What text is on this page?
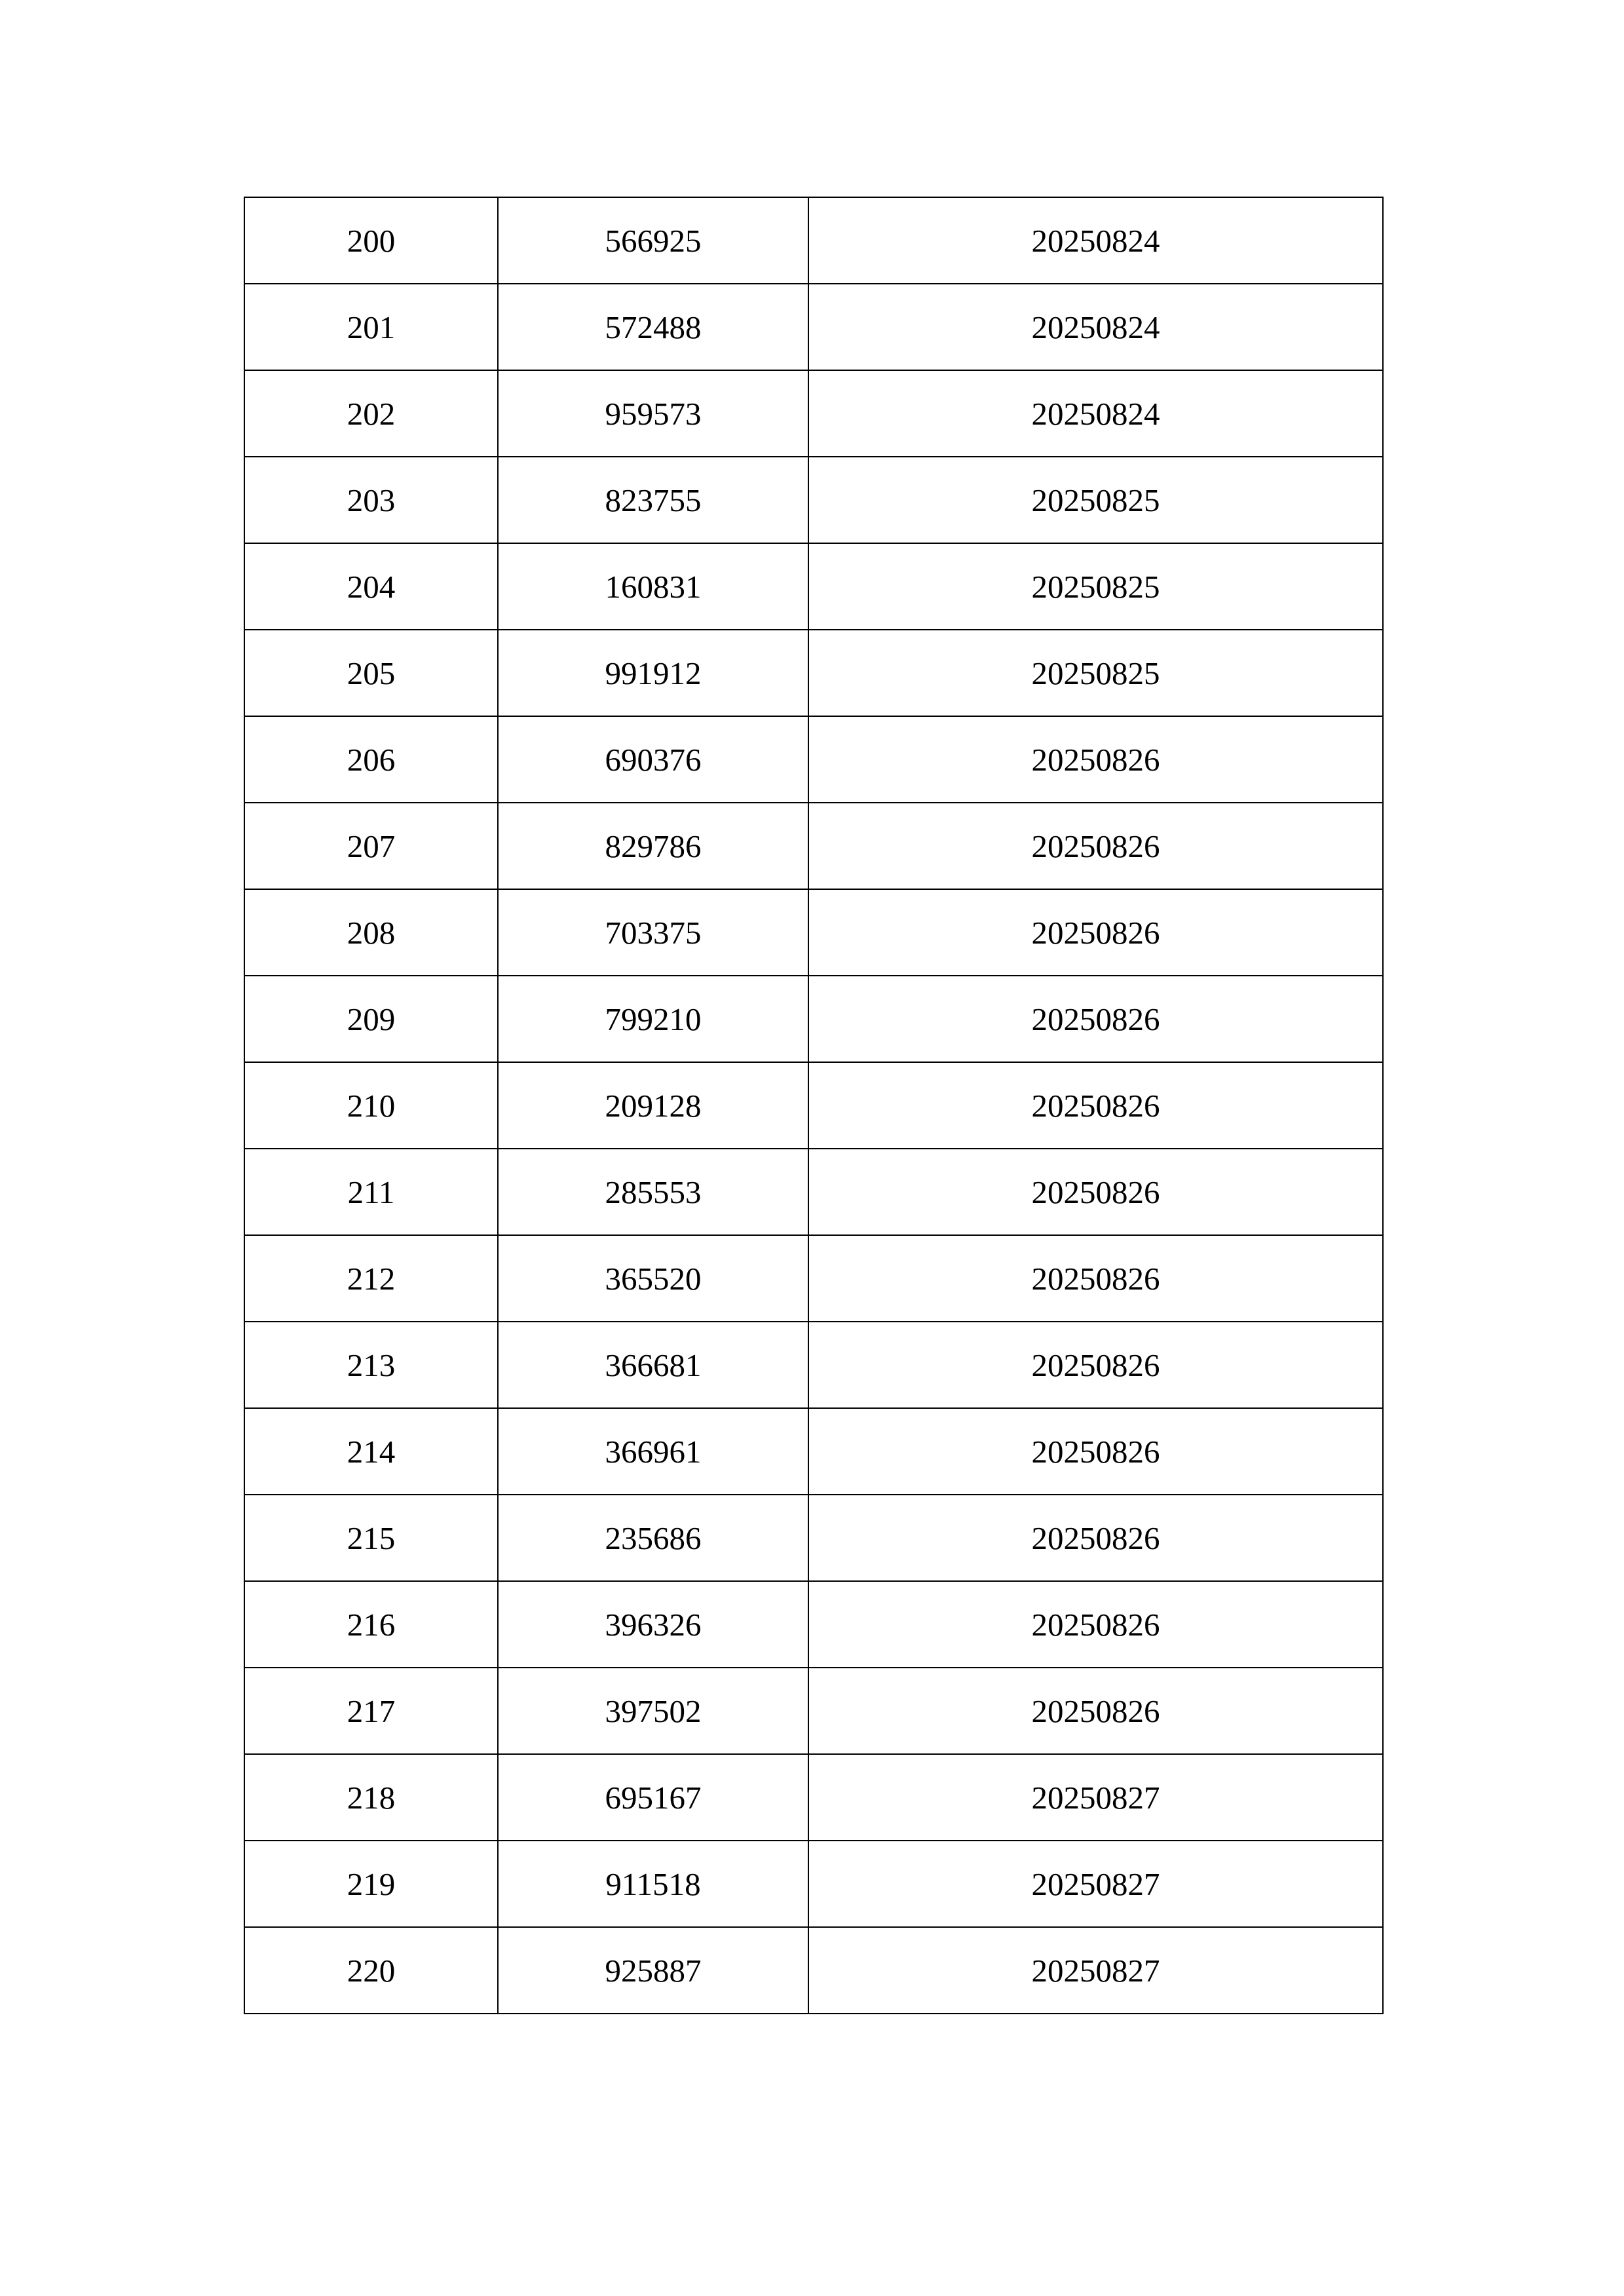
200	566925	20250824
201	572488	20250824
202	959573	20250824
203	823755	20250825
204	160831	20250825
205	991912	20250825
206	690376	20250826
207	829786	20250826
208	703375	20250826
209	799210	20250826
210	209128	20250826
211	285553	20250826
212	365520	20250826
213	366681	20250826
214	366961	20250826
215	235686	20250826
216	396326	20250826
217	397502	20250826
218	695167	20250827
219	911518	20250827
220	925887	20250827
